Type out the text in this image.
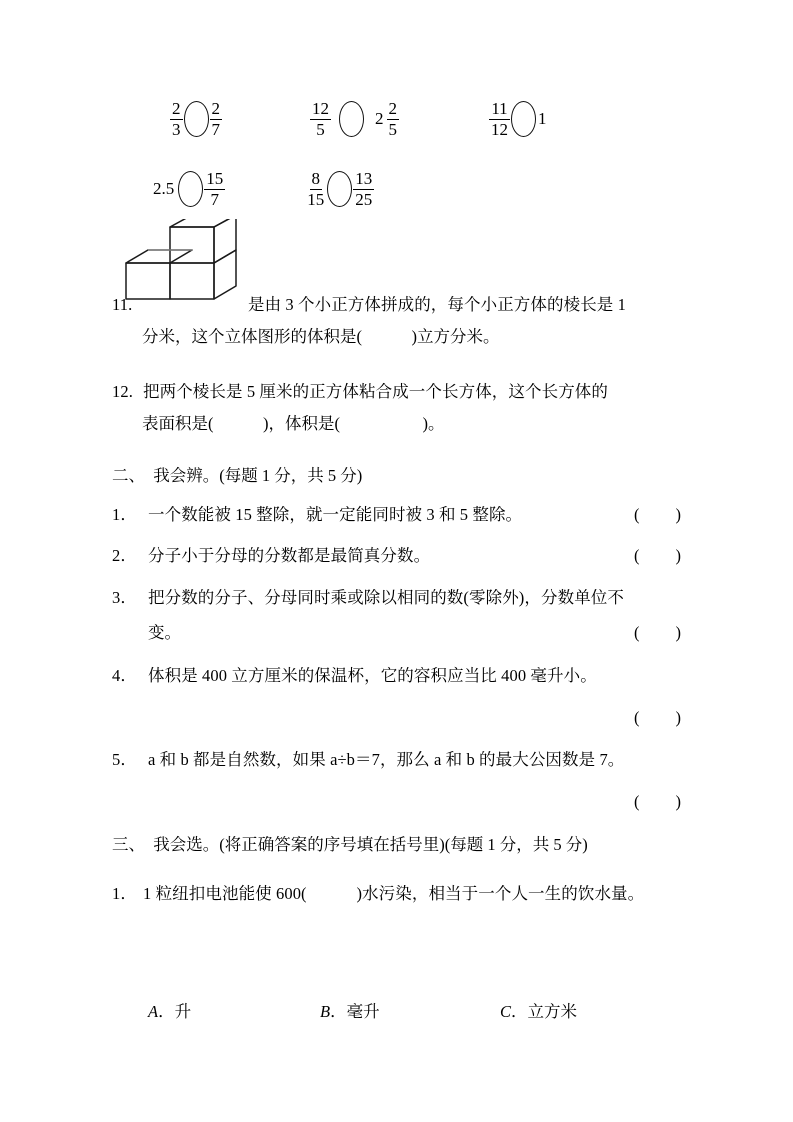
$\frac{2}{3} \frac{2}{7}$	$\frac{12}{5}$	$2 \frac{2}{5}$	$\frac{11}{12} 1$
$2.5 \frac{15}{7}$	$\frac{8}{15} \frac{13}{25}$
11.	是由 3 个小正方体拼成的，每个小正方体的棱长是 1
分米，这个立体图形的体积是(　　　)立方分米。
12. 把两个棱长是 5 厘米的正方体粘合成一个长方体，这个长方体的
表面积是(　　　)，体积是(　　　　　)。
二、　我会辨。(每题 1 分，共 5 分)
1． 一个数能被 15 整除，就一定能同时被 3 和 5 整除。	(　　)
2． 分子小于分母的分数都是最简真分数。	(　　)
3． 把分数的分子、分母同时乘或除以相同的数(零除外)，分数单位不
变。	(　　)
4． 体积是 400 立方厘米的保温杯，它的容积应当比 400 毫升小。
(　　)
5． a 和 b 都是自然数，如果 a÷b＝7，那么 a 和 b 的最大公因数是 7。
(　　)
三、　我会选。(将正确答案的序号填在括号里)(每题 1 分，共 5 分)
1． 1 粒纽扣电池能使 600(　　　)水污染，相当于一个人一生的饮水量。
A．升	B．毫升	C．立方米
